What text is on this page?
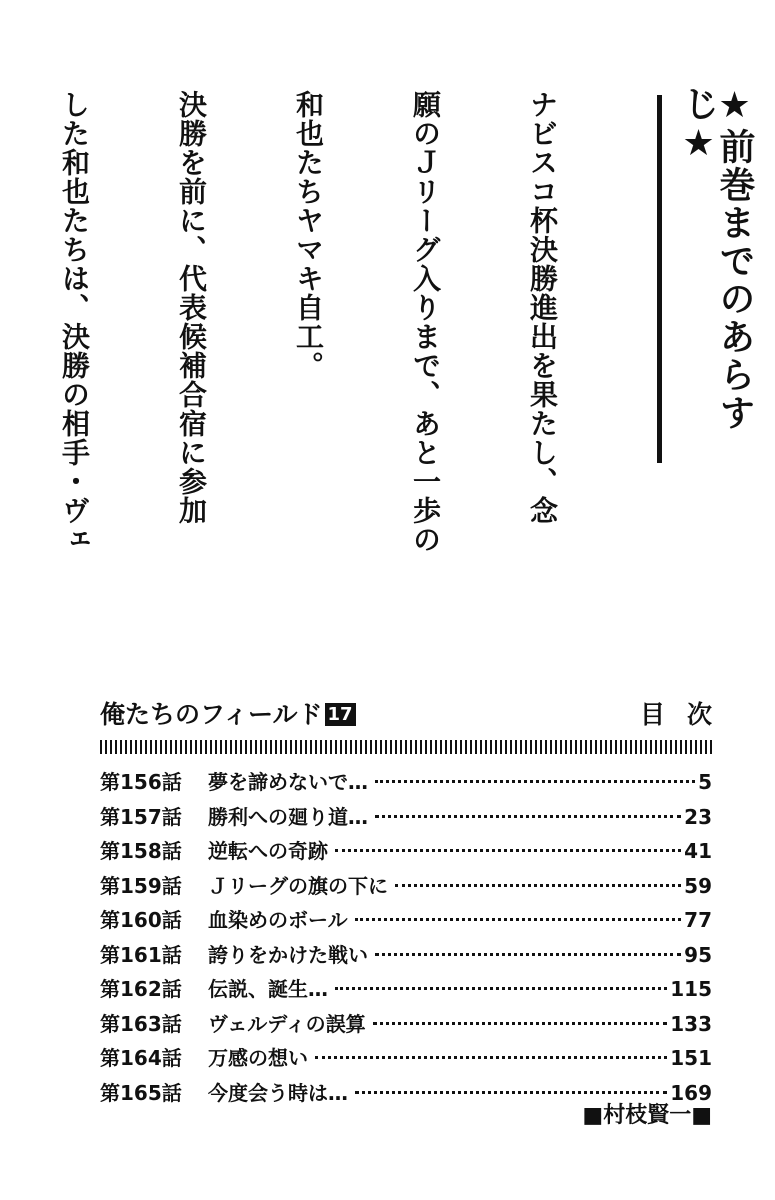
★前巻までのあらすじ★

ナビスコ杯決勝進出を果たし、念

願のＪリーグ入りまで、あと一歩の

和也たちヤマキ自工。

決勝を前に、代表候補合宿に参加

した和也たちは、決勝の相手・ヴェ

俺たちのフィールド 17	目次
第156話	夢を諦めないで…	5
第157話	勝利への廻り道…	23
第158話	逆転への奇跡	41
第159話	Ｊリーグの旗の下に	59
第160話	血染めのボール	77
第161話	誇りをかけた戦い	95
第162話	伝説、誕生…	115
第163話	ヴェルディの誤算	133
第164話	万感の想い	151
第165話	今度会う時は…	169
■村枝賢一■
